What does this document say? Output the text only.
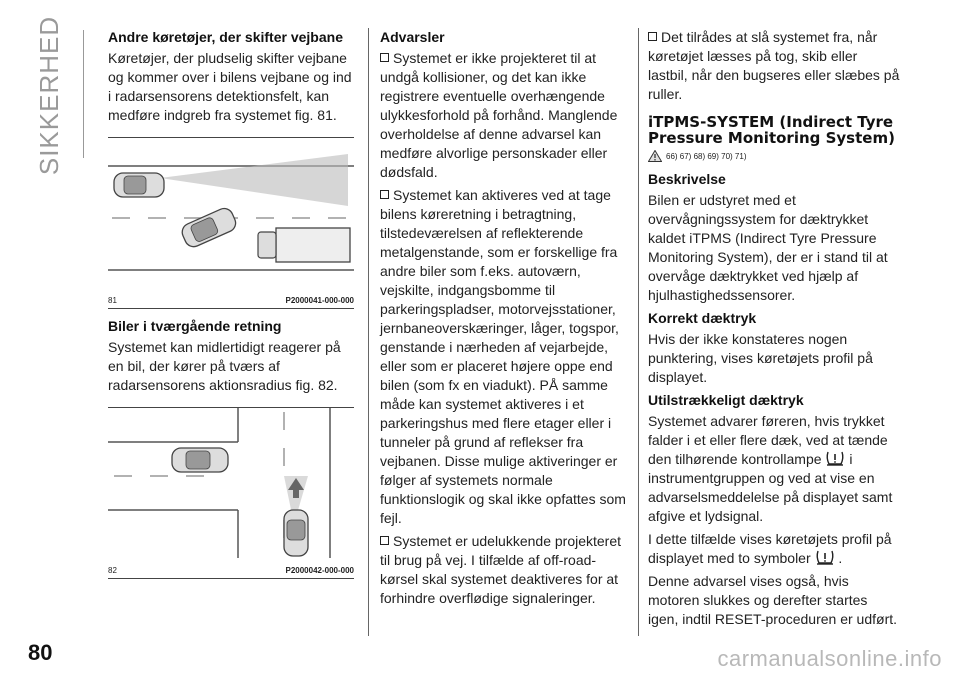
SIKKERHED	Andre køretøjer, der skifter vejbane
Køretøjer, der pludselig skifter vejbane og kommer over i bilens vejbane og ind i radarsensorens detektionsfelt, kan medføre indgreb fra systemet fig. 81.
81	P2000041-000-000
Biler i tværgående retning
Systemet kan midlertidigt reagerer på en bil, der kører på tværs af radarsensorens aktionsradius fig. 82.
82	P2000042-000-000
Advarsler
Systemet er ikke projekteret til at undgå kollisioner, og det kan ikke registrere eventuelle overhængende ulykkesforhold på forhånd. Manglende overholdelse af denne advarsel kan medføre alvorlige personskader eller dødsfald.
Systemet kan aktiveres ved at tage bilens køreretning i betragtning, tilstedeværelsen af reflekterende metalgenstande, som er forskellige fra andre biler som f.eks. autoværn, vejskilte, indgangsbomme til parkeringspladser, motorvejsstationer, jernbaneoverskæringer, låger, togspor, genstande i nærheden af vejarbejde, eller som er placeret højere oppe end bilen (som fx en viadukt). PÅ samme måde kan systemet aktiveres i et parkeringshus med flere etager eller i tunneler på grund af reflekser fra vejbanen. Disse mulige aktiveringer er følger af systemets normale funktionslogik og skal ikke opfattes som fejl.
Systemet er udelukkende projekteret til brug på vej. I tilfælde af off-road-kørsel skal systemet deaktiveres for at forhindre overflødige signaleringer.
Det tilrådes at slå systemet fra, når køretøjet læsses på tog, skib eller lastbil, når den bugseres eller slæbes på ruller.
iTPMS-SYSTEM (Indirect Tyre Pressure Monitoring System)
66) 67) 68) 69) 70) 71)
Beskrivelse
Bilen er udstyret med et overvågningssystem for dæktrykket kaldet iTPMS (Indirect Tyre Pressure Monitoring System), der er i stand til at overvåge dæktrykket ved hjælp af hjulhastighedssensorer.
Korrekt dæktryk
Hvis der ikke konstateres nogen punktering, vises køretøjets profil på displayet.
Utilstrækkeligt dæktryk
Systemet advarer føreren, hvis trykket falder i et eller flere dæk, ved at tænde den tilhørende kontrollampe i instrumentgruppen og ved at vise en advarselsmeddelelse på displayet samt afgive et lydsignal.
I dette tilfælde vises køretøjets profil på displayet med to symboler .
Denne advarsel vises også, hvis motoren slukkes og derefter startes igen, indtil RESET-proceduren er udført.
80	carmanualsonline.info
